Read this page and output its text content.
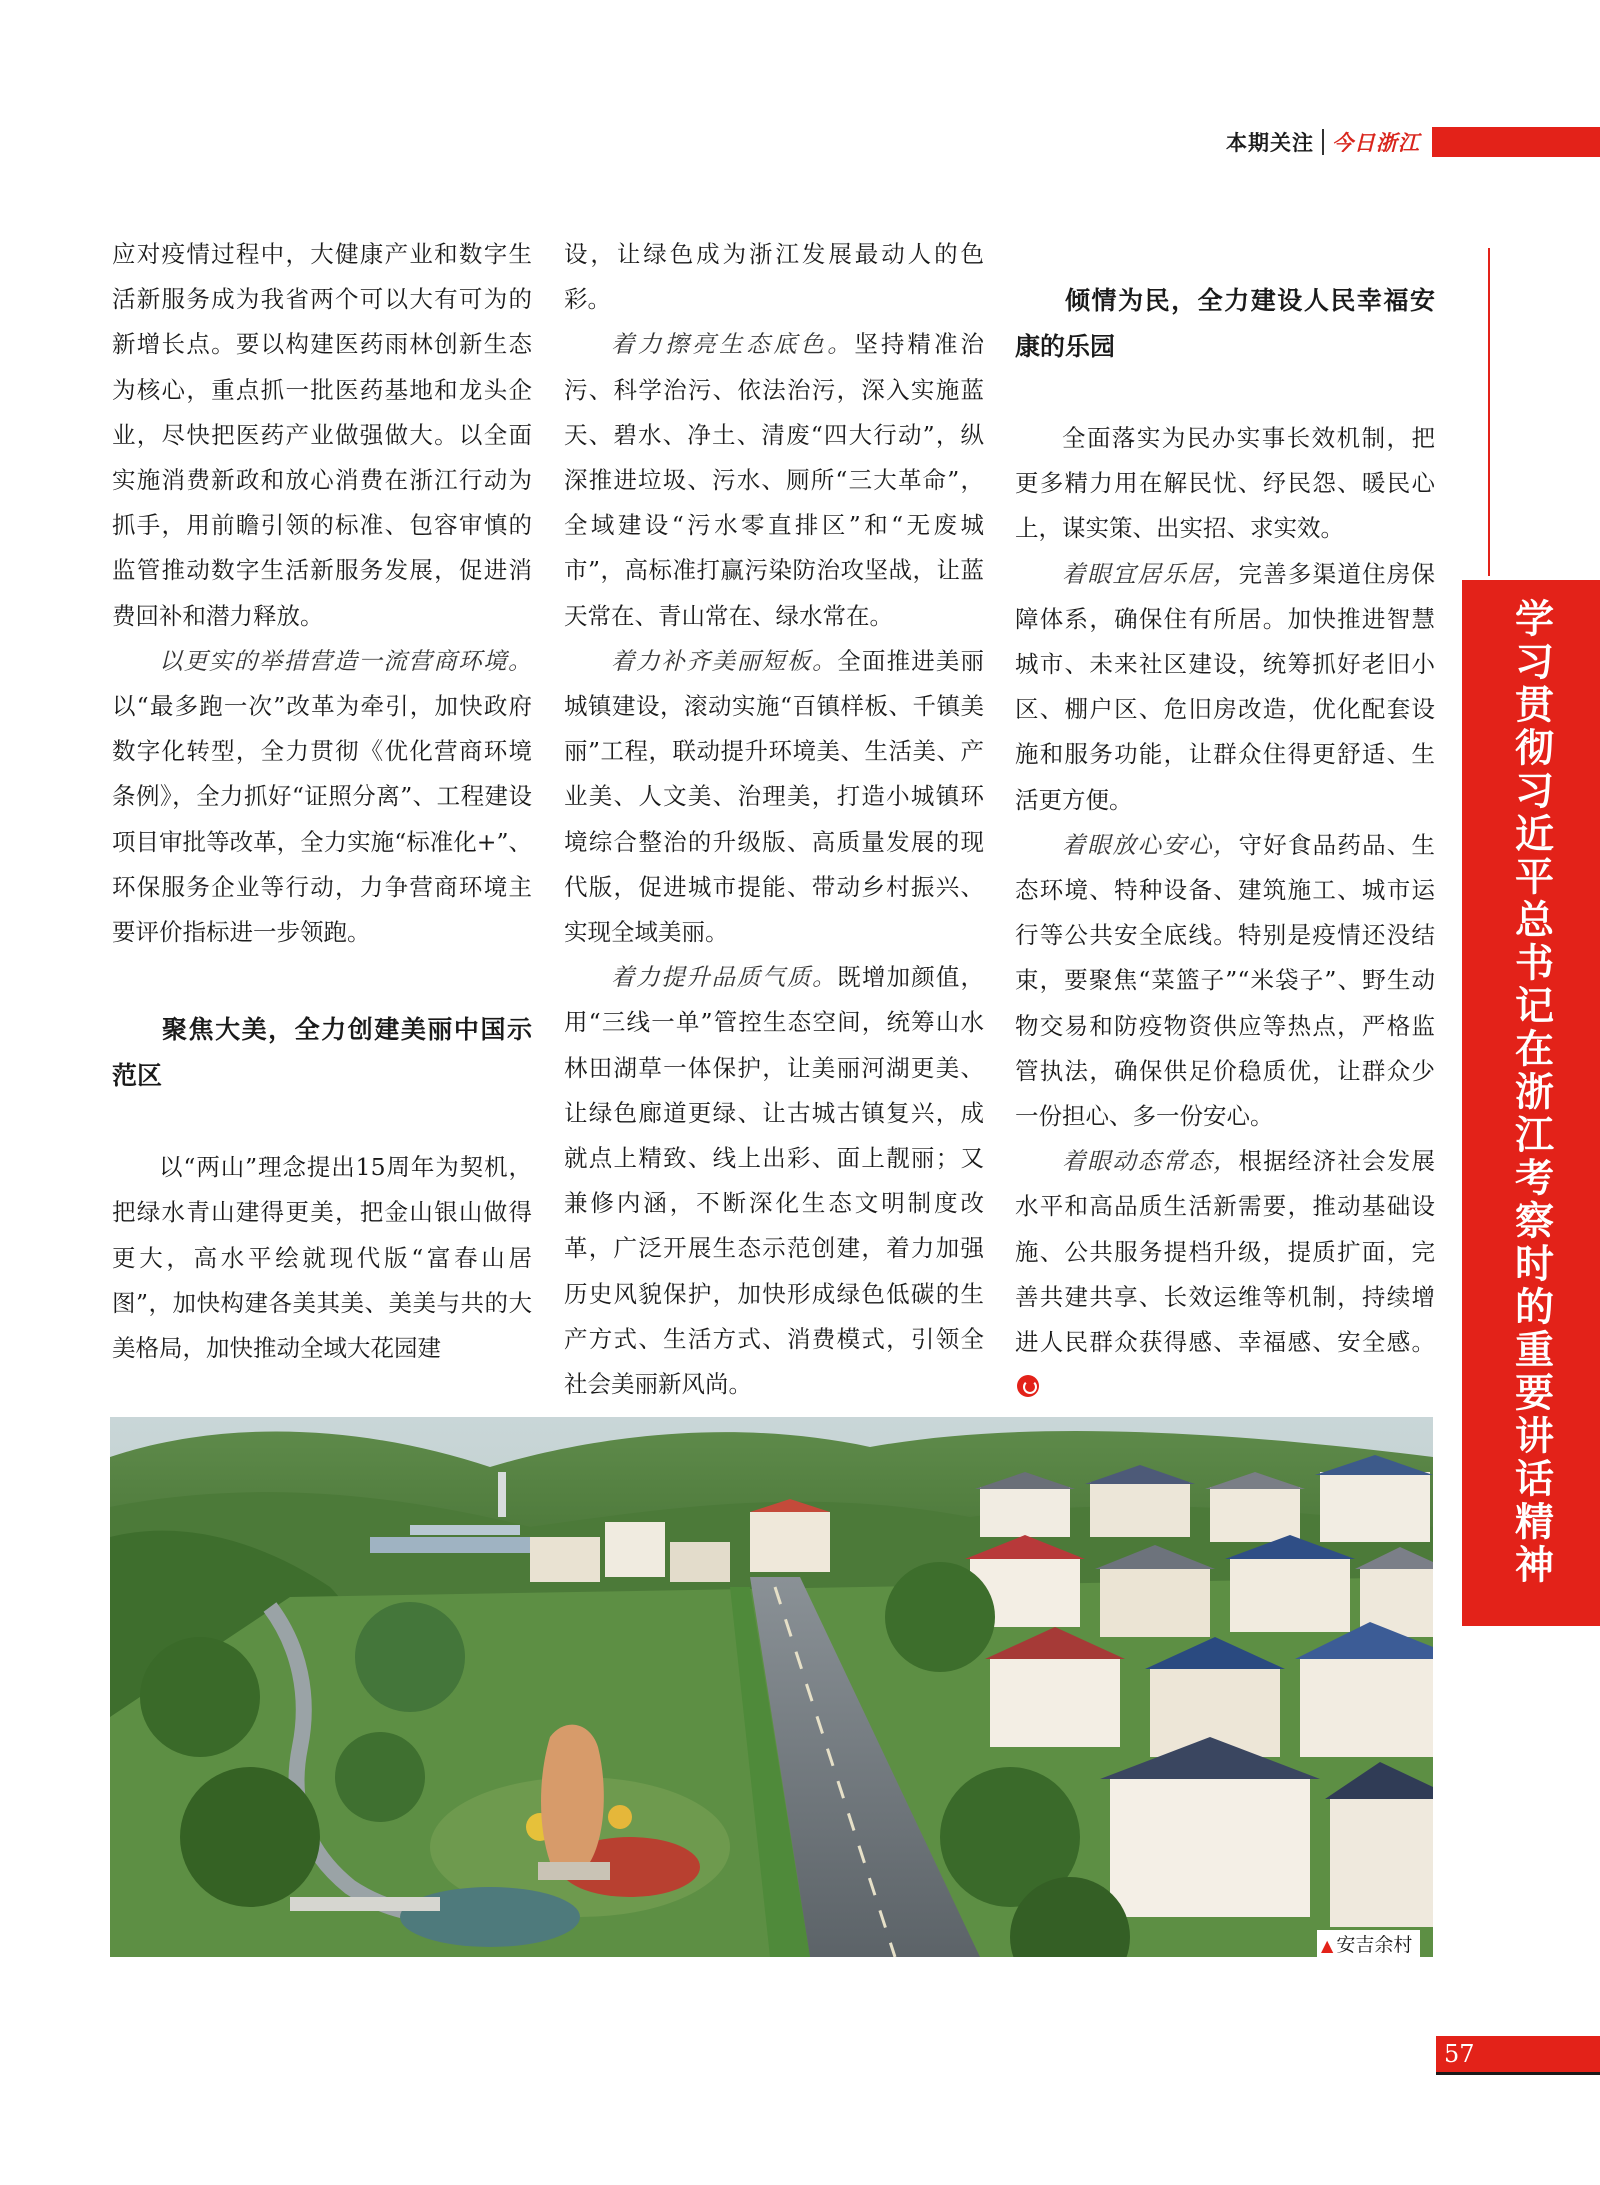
本期关注 今日浙江

应对疫情过程中，大健康产业和数字生活新服务成为我省两个可以大有可为的新增长点。要以构建医药雨林创新生态为核心，重点抓一批医药基地和龙头企业，尽快把医药产业做强做大。以全面实施消费新政和放心消费在浙江行动为抓手，用前瞻引领的标准、包容审慎的监管推动数字生活新服务发展，促进消费回补和潜力释放。

以更实的举措营造一流营商环境。以“最多跑一次”改革为牵引，加快政府数字化转型，全力贯彻《优化营商环境条例》，全力抓好“证照分离”、工程建设项目审批等改革，全力实施“标准化+”、环保服务企业等行动，力争营商环境主要评价指标进一步领跑。

聚焦大美，全力创建美丽中国示范区

以“两山”理念提出15周年为契机，把绿水青山建得更美，把金山银山做得更大，高水平绘就现代版“富春山居图”，加快构建各美其美、美美与共的大美格局，加快推动全域大花园建

设，让绿色成为浙江发展最动人的色彩。

着力擦亮生态底色。坚持精准治污、科学治污、依法治污，深入实施蓝天、碧水、净土、清废“四大行动”，纵深推进垃圾、污水、厕所“三大革命”，全域建设“污水零直排区”和“无废城市”，高标准打赢污染防治攻坚战，让蓝天常在、青山常在、绿水常在。

着力补齐美丽短板。全面推进美丽城镇建设，滚动实施“百镇样板、千镇美丽”工程，联动提升环境美、生活美、产业美、人文美、治理美，打造小城镇环境综合整治的升级版、高质量发展的现代版，促进城市提能、带动乡村振兴、实现全域美丽。

着力提升品质气质。既增加颜值，用“三线一单”管控生态空间，统筹山水林田湖草一体保护，让美丽河湖更美、让绿色廊道更绿、让古城古镇复兴，成就点上精致、线上出彩、面上靓丽；又兼修内涵，不断深化生态文明制度改革，广泛开展生态示范创建，着力加强历史风貌保护，加快形成绿色低碳的生产方式、生活方式、消费模式，引领全社会美丽新风尚。

倾情为民，全力建设人民幸福安康的乐园

全面落实为民办实事长效机制，把更多精力用在解民忧、纾民怨、暖民心上，谋实策、出实招、求实效。

着眼宜居乐居，完善多渠道住房保障体系，确保住有所居。加快推进智慧城市、未来社区建设，统筹抓好老旧小区、棚户区、危旧房改造，优化配套设施和服务功能，让群众住得更舒适、生活更方便。

着眼放心安心，守好食品药品、生态环境、特种设备、建筑施工、城市运行等公共安全底线。特别是疫情还没结束，要聚焦“菜篮子”“米袋子”、野生动物交易和防疫物资供应等热点，严格监管执法，确保供足价稳质优，让群众少一份担心、多一份安心。

着眼动态常态，根据经济社会发展水平和高品质生活新需要，推动基础设施、公共服务提档升级，提质扩面，完善共建共享、长效运维等机制，持续增进人民群众获得感、幸福感、安全感。 学习贯彻习近平总书记在浙江考察时的重要讲话精神
▲ 安吉余村
57
